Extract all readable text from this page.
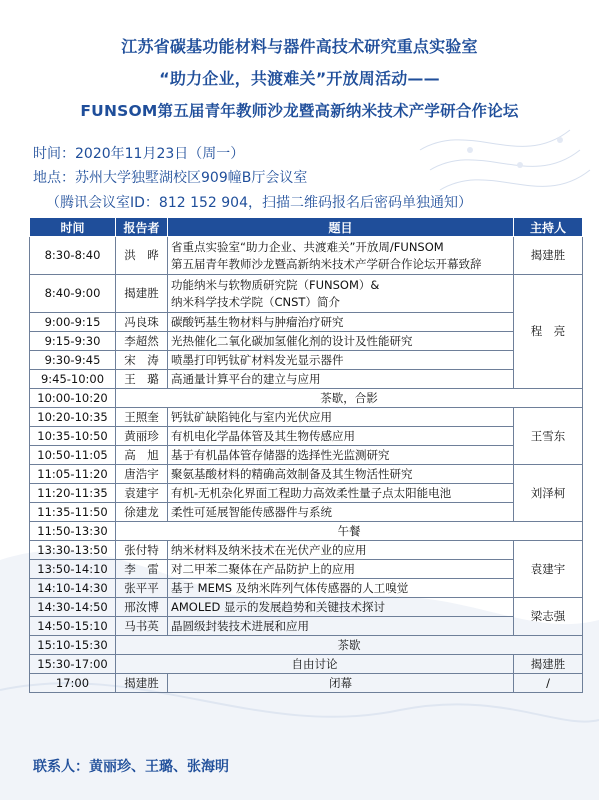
江苏省碳基功能材料与器件高技术研究重点实验室
“助力企业，共渡难关”开放周活动——
FUNSOM第五届青年教师沙龙暨高新纳米技术产学研合作论坛
时间：2020年11月23日（周一）
地点：苏州大学独墅湖校区909幢B厅会议室
（腾讯会议室ID：812 152 904，扫描二维码报名后密码单独通知）
时间	报告者	题目	主持人
8:30-8:40	洪　晔	省重点实验室“助力企业、共渡难关”开放周/FUNSOM
第五届青年教师沙龙暨高新纳米技术产学研合作论坛开幕致辞	揭建胜
8:40-9:00	揭建胜	功能纳米与软物质研究院（FUNSOM）&
纳米科学技术学院（CNST）简介	程　亮
9:00-9:15	冯良珠	碳酸钙基生物材料与肿瘤治疗研究	
9:15-9:30	李超然	光热催化二氧化碳加氢催化剂的设计及性能研究	
9:30-9:45	宋　涛	喷墨打印钙钛矿材料发光显示器件	
9:45-10:00	王　璐	高通量计算平台的建立与应用	
10:00-10:20	茶歇，合影		
10:20-10:35	王照奎	钙钛矿缺陷钝化与室内光伏应用	王雪东
10:35-10:50	黄丽珍	有机电化学晶体管及其生物传感应用	
10:50-11:05	高　旭	基于有机晶体管存储器的选择性光监测研究	
11:05-11:20	唐浩宇	聚氨基酸材料的精确高效制备及其生物活性研究	刘泽柯
11:20-11:35	袁建宇	有机-无机杂化界面工程助力高效柔性量子点太阳能电池	
11:35-11:50	徐建龙	柔性可延展智能传感器件与系统	
11:50-13:30	午餐		
13:30-13:50	张付特	纳米材料及纳米技术在光伏产业的应用	袁建宇
13:50-14:10	李　雷	对二甲苯二聚体在产品防护上的应用	
14:10-14:30	张平平	基于 MEMS 及纳米阵列气体传感器的人工嗅觉	
14:30-14:50	邢汝博	AMOLED 显示的发展趋势和关键技术探讨	梁志强
14:50-15:10	马书英	晶圆级封装技术进展和应用	
15:10-15:30	茶歇		
15:30-17:00	自由讨论		揭建胜
17:00	揭建胜	闭幕	/
联系人：黄丽珍、王璐、张海明
